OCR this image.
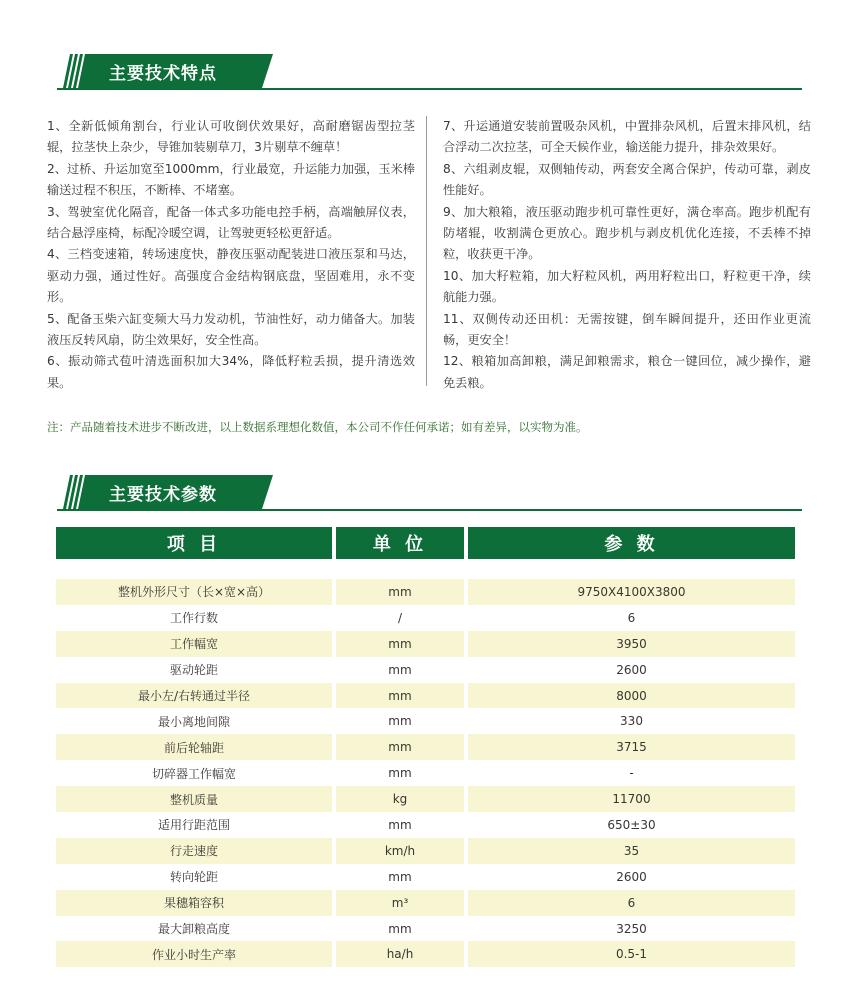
主要技术特点

1、全新低倾角割台，行业认可收倒伏效果好，高耐磨锯齿型拉茎辊，拉茎快上杂少，导锥加装剔草刀，3片剔草不缠草！

2、过桥、升运加宽至1000mm，行业最宽，升运能力加强，玉米棒输送过程不积压，不断棒、不堵塞。

3、驾驶室优化隔音，配备一体式多功能电控手柄，高端触屏仪表，结合悬浮座椅，标配冷暖空调，让驾驶更轻松更舒适。

4、三档变速箱，转场速度快，静夜压驱动配装进口液压泵和马达，驱动力强，通过性好。高强度合金结构钢底盘，坚固难用，永不变形。

5、配备玉柴六缸变频大马力发动机，节油性好，动力储备大。加装液压反转风扇，防尘效果好，安全性高。

6、振动筛式苞叶清选面积加大34%，降低籽粒丢损，提升清选效果。

7、升运通道安装前置吸杂风机，中置排杂风机，后置末排风机，结合浮动二次拉茎，可全天候作业，输送能力提升，排杂效果好。

8、六组剥皮辊，双侧轴传动，两套安全离合保护，传动可靠，剥皮性能好。

9、加大粮箱，液压驱动跑步机可靠性更好，满仓率高。跑步机配有防堵辊，收割满仓更放心。跑步机与剥皮机优化连接，不丢棒不掉粒，收获更干净。

10、加大籽粒箱，加大籽粒风机，两用籽粒出口，籽粒更干净，续航能力强。

11、双侧传动还田机：无需按键，倒车瞬间提升，还田作业更流畅，更安全！

12、粮箱加高卸粮，满足卸粮需求，粮仓一键回位，减少操作，避免丢粮。

注：产品随着技术进步不断改进，以上数据系理想化数值，本公司不作任何承诺；如有差异，以实物为准。
主要技术参数
项 目	单 位	参 数

整机外形尺寸（长×宽×高）	mm	9750X4100X3800
工作行数	/	6
工作幅宽	mm	3950
驱动轮距	mm	2600
最小左/右转通过半径	mm	8000
最小离地间隙	mm	330
前后轮轴距	mm	3715
切碎器工作幅宽	mm	-
整机质量	kg	11700
适用行距范围	mm	650±30
行走速度	km/h	35
转向轮距	mm	2600
果穗箱容积	m³	6
最大卸粮高度	mm	3250
作业小时生产率	ha/h	0.5-1
